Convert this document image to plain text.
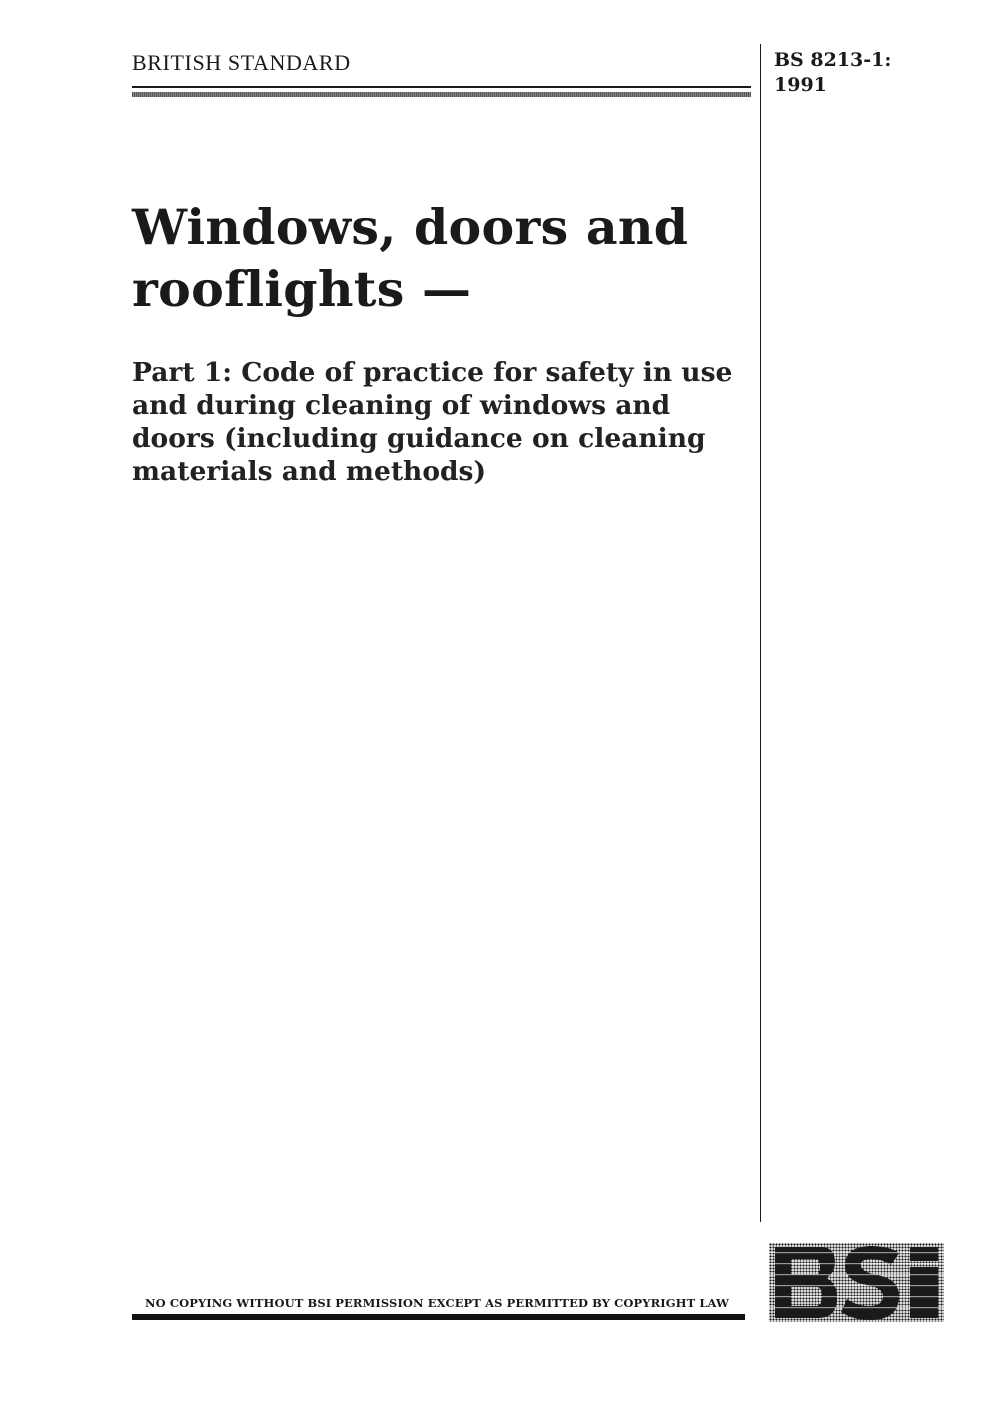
BRITISH STANDARD	BS 8213-1:
1991
Windows, doors and
rooflights —
Part 1: Code of practice for safety in use
and during cleaning of windows and
doors (including guidance on cleaning
materials and methods)
NO COPYING WITHOUT BSI PERMISSION EXCEPT AS PERMITTED BY COPYRIGHT LAW
